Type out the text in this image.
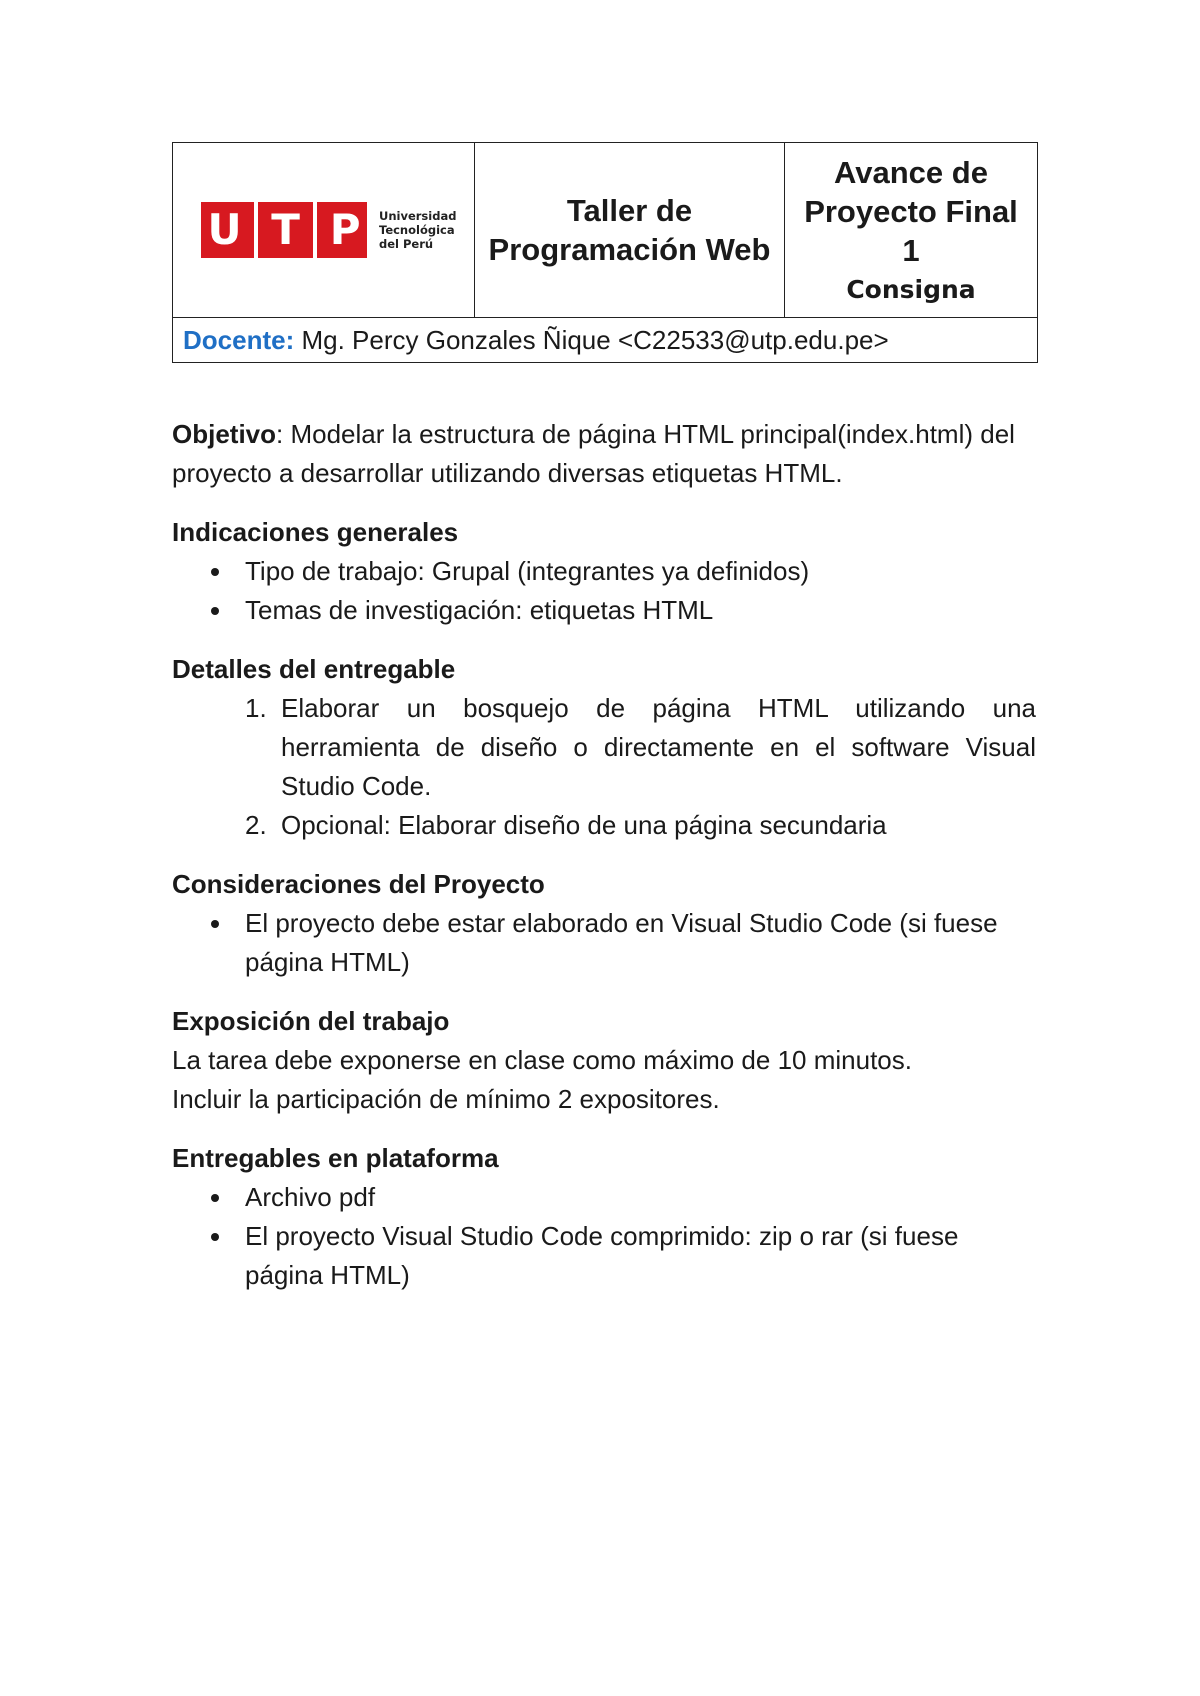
U T P Universidad
Tecnológica
del Perú

Taller de
Programación Web

Avance de
Proyecto Final
1
Consigna

Docente: Mg. Percy Gonzales Ñique <C22533@utp.edu.pe>

Objetivo: Modelar la estructura de página HTML principal(index.html) del proyecto a desarrollar utilizando diversas etiquetas HTML.

Indicaciones generales

Tipo de trabajo: Grupal (integrantes ya definidos)
Temas de investigación: etiquetas HTML

Detalles del entregable

1. Elaborar un bosquejo de página HTML utilizando una herramienta de diseño o directamente en el software Visual Studio Code.
2. Opcional: Elaborar diseño de una página secundaria

Consideraciones del Proyecto

El proyecto debe estar elaborado en Visual Studio Code (si fuese página HTML)

Exposición del trabajo

La tarea debe exponerse en clase como máximo de 10 minutos.

Incluir la participación de mínimo 2 expositores.

Entregables en plataforma

Archivo pdf
El proyecto Visual Studio Code comprimido: zip o rar (si fuese página HTML)
